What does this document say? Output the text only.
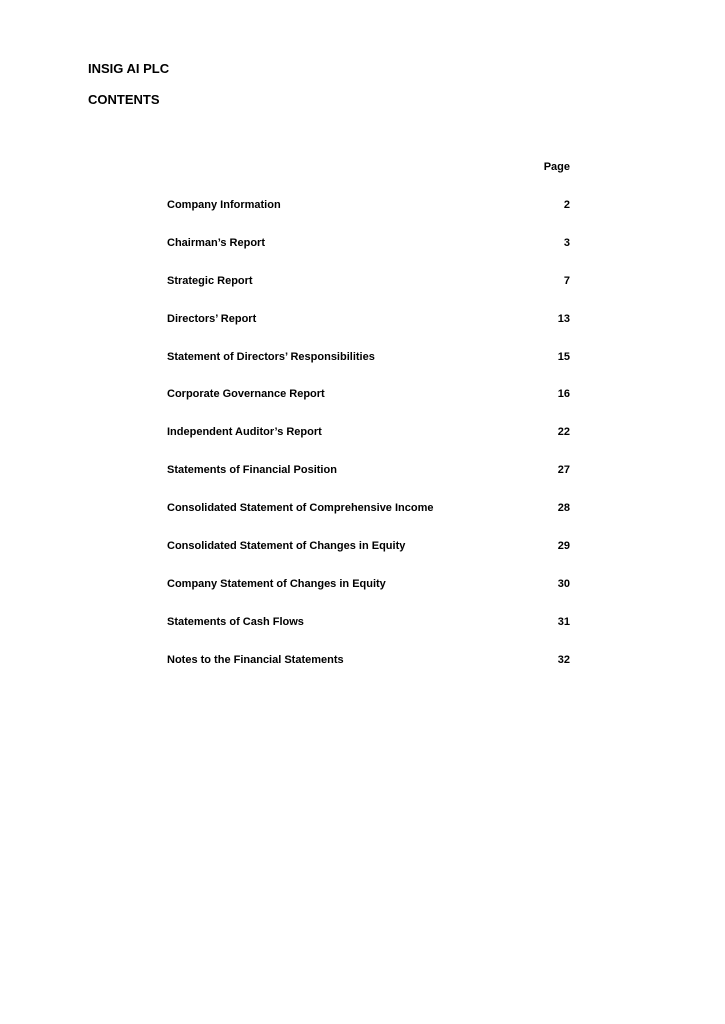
INSIG AI PLC
CONTENTS
Page
Company Information	2
Chairman’s Report	3
Strategic Report	7
Directors’ Report	13
Statement of Directors’ Responsibilities	15
Corporate Governance Report	16
Independent Auditor’s Report	22
Statements of Financial Position	27
Consolidated Statement of Comprehensive Income	28
Consolidated Statement of Changes in Equity	29
Company Statement of Changes in Equity	30
Statements of Cash Flows	31
Notes to the Financial Statements	32
